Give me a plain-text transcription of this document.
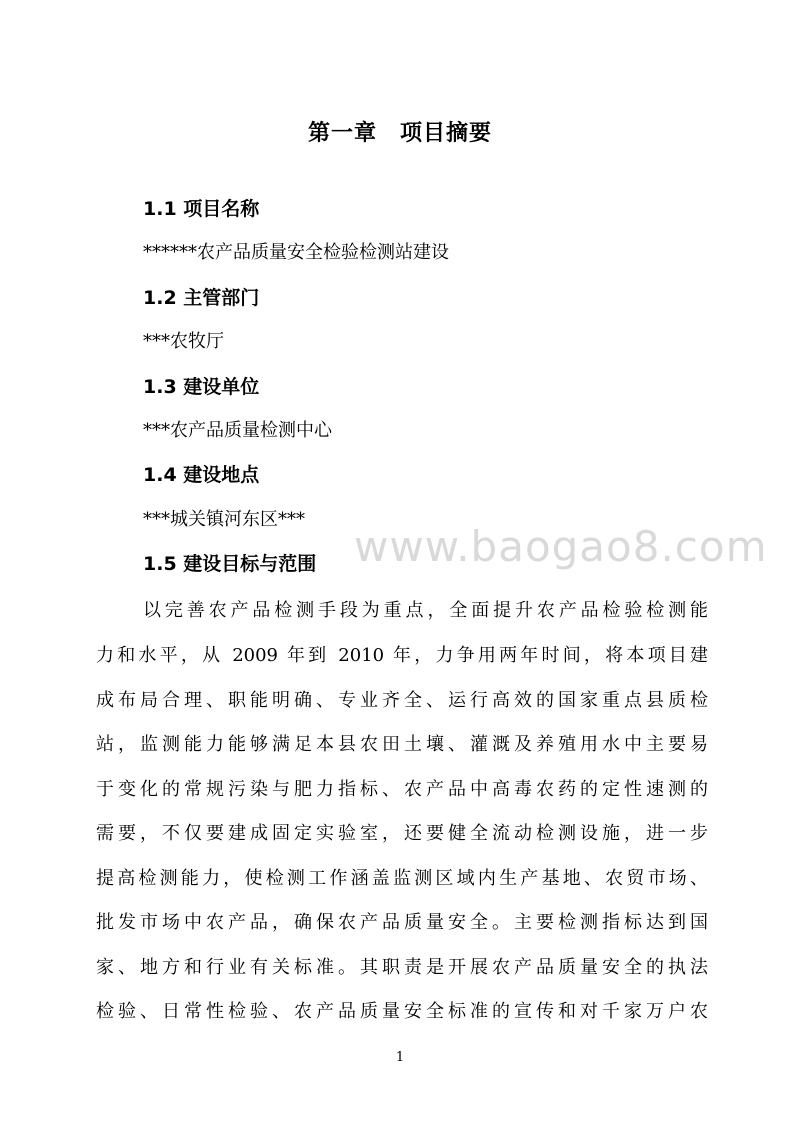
第一章　项目摘要
1.1 项目名称
******农产品质量安全检验检测站建设
1.2 主管部门
***农牧厅
1.3 建设单位
***农产品质量检测中心
1.4 建设地点
***城关镇河东区***
1.5 建设目标与范围 www.baogao8.com
以完善农产品检测手段为重点，全面提升农产品检验检测能
力和水平，从 2009 年到 2010 年，力争用两年时间，将本项目建
成布局合理、职能明确、专业齐全、运行高效的国家重点县质检
站，监测能力能够满足本县农田土壤、灌溉及养殖用水中主要易
于变化的常规污染与肥力指标、农产品中高毒农药的定性速测的
需要，不仅要建成固定实验室，还要健全流动检测设施，进一步
提高检测能力，使检测工作涵盖监测区域内生产基地、农贸市场、
批发市场中农产品，确保农产品质量安全。主要检测指标达到国
家、地方和行业有关标准。其职责是开展农产品质量安全的执法
检验、日常性检验、农产品质量安全标准的宣传和对千家万户农
1
